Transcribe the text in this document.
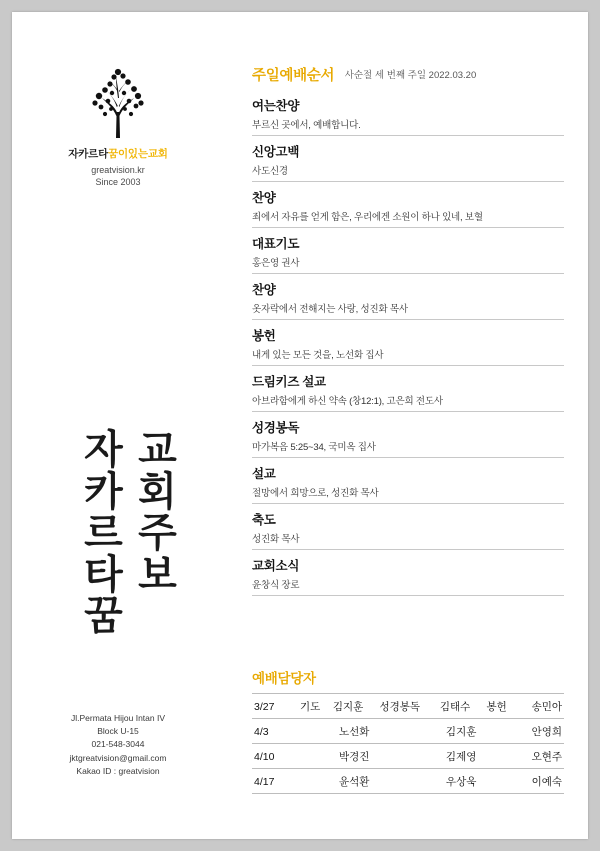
자카르타꿈이있는교회
greatvision.kr
Since 2003
교
회
주
보
자
카
르
타
꿈
Jl.Permata Hijou Intan IV
Block U-15
021-548-3044
jktgreatvision@gmail.com
Kakao ID : greatvision
주일예배순서 사순절 세 번째 주일 2022.03.20
여는찬양
부르신 곳에서, 예배합니다.
신앙고백
사도신경
찬양
죄에서 자유를 얻게 함은, 우리에겐 소원이 하나 있네, 보혈
대표기도
홍은영 권사
찬양
옷자락에서 전해지는 사랑, 성진화 목사
봉헌
내게 있는 모든 것을, 노선화 집사
드림키즈 설교
아브라함에게 하신 약속 (창12:1), 고은희 전도사
성경봉독
마가복음 5:25~34, 국미옥 집사
설교
절망에서 희망으로, 성진화 목사
축도
성진화 목사
교회소식
윤창식 장로
예배담당자
3/27	기도	김지훈	성경봉독	김태수	봉헌	송민아
4/3		노선화		김지훈		안영희
4/10		박경진		김제영		오현주
4/17		윤석환		우상욱		이예숙
